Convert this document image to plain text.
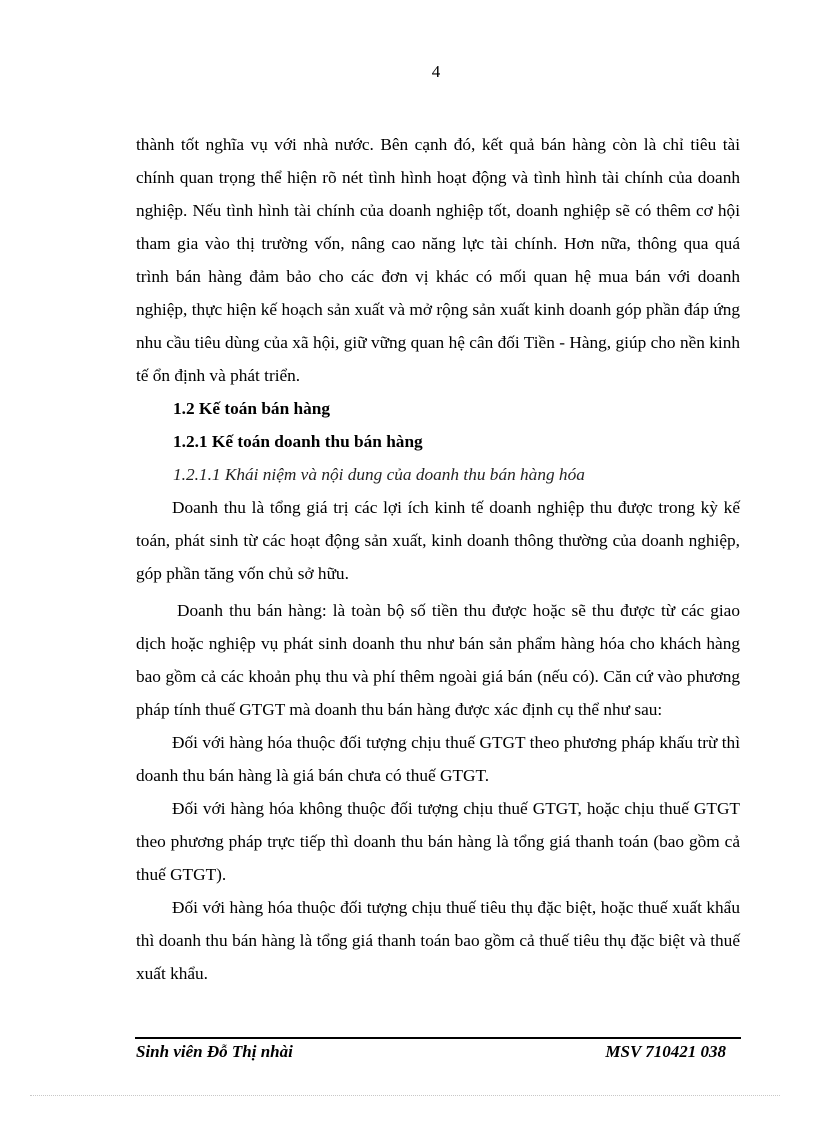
4

thành tốt nghĩa vụ với nhà nước. Bên cạnh đó, kết quả bán hàng còn là chỉ tiêu tài chính quan trọng thể hiện rõ nét tình hình hoạt động và tình hình tài chính của doanh nghiệp. Nếu tình hình tài chính của doanh nghiệp tốt, doanh nghiệp sẽ có thêm cơ hội tham gia vào thị trường vốn, nâng cao năng lực tài chính. Hơn nữa, thông qua quá trình bán hàng đảm bảo cho các đơn vị khác có mối quan hệ mua bán với doanh nghiệp, thực hiện kế hoạch sản xuất và mở rộng sản xuất kinh doanh góp phần đáp ứng nhu cầu tiêu dùng của xã hội, giữ vững quan hệ cân đối Tiền - Hàng, giúp cho nền kinh tế ổn định và phát triển.

1.2 Kế toán bán hàng

1.2.1 Kế toán doanh thu bán hàng

1.2.1.1 Khái niệm và nội dung của doanh thu bán hàng hóa

Doanh thu là tổng giá trị các lợi ích kinh tế doanh nghiệp thu được trong kỳ kế toán, phát sinh từ các hoạt động sản xuất, kinh doanh thông thường của doanh nghiệp, góp phần tăng vốn chủ sở hữu.

Doanh thu bán hàng: là toàn bộ số tiền thu được hoặc sẽ thu được từ các giao dịch hoặc nghiệp vụ phát sinh doanh thu như bán sản phẩm hàng hóa cho khách hàng bao gồm cả các khoản phụ thu và phí thêm ngoài giá bán (nếu có). Căn cứ vào phương pháp tính thuế GTGT mà doanh thu bán hàng được xác định cụ thể như sau:

Đối với hàng hóa thuộc đối tượng chịu thuế GTGT theo phương pháp khấu trừ thì doanh thu bán hàng là giá bán chưa có thuế GTGT.

Đối với hàng hóa không thuộc đối tượng chịu thuế GTGT, hoặc chịu thuế GTGT theo phương pháp trực tiếp thì doanh thu bán hàng là tổng giá thanh toán (bao gồm cả thuế GTGT).

Đối với hàng hóa thuộc đối tượng chịu thuế tiêu thụ đặc biệt, hoặc thuế xuất khẩu thì doanh thu bán hàng là tổng giá thanh toán bao gồm cả thuế tiêu thụ đặc biệt và thuế xuất khẩu.

Sinh viên Đỗ Thị nhài	MSV 710421 038
